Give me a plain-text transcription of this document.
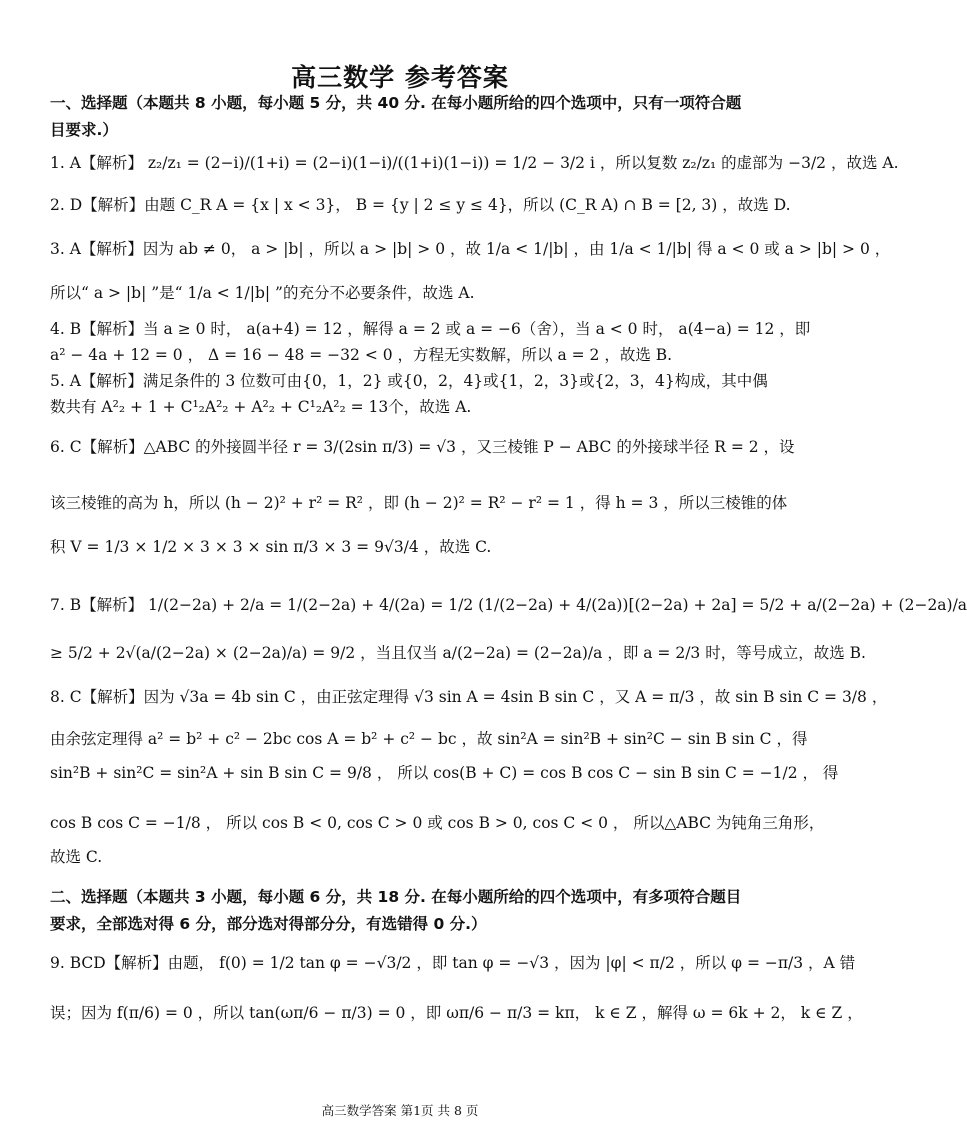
高三数学 参考答案
一、选择题（本题共 8 小题，每小题 5 分，共 40 分. 在每小题所给的四个选项中，只有一项符合题
目要求.）
1. A【解析】 z₂/z₁ = (2−i)/(1+i) = (2−i)(1−i)/((1+i)(1−i)) = 1/2 − 3/2 i ，所以复数 z₂/z₁ 的虚部为 −3/2 ，故选 A.
2. D【解析】由题 C_R A = {x | x < 3}， B = {y | 2 ≤ y ≤ 4}，所以 (C_R A) ∩ B = [2, 3) ，故选 D.
3. A【解析】因为 ab ≠ 0， a > |b| ，所以 a > |b| > 0 ，故 1/a < 1/|b| ，由 1/a < 1/|b| 得 a < 0 或 a > |b| > 0 ，
所以“ a > |b| ”是“ 1/a < 1/|b| ”的充分不必要条件，故选 A.
4. B【解析】当 a ≥ 0 时， a(a+4) = 12 ，解得 a = 2 或 a = −6（舍），当 a < 0 时， a(4−a) = 12 ，即
a² − 4a + 12 = 0 ， Δ = 16 − 48 = −32 < 0 ，方程无实数解，所以 a = 2 ，故选 B.
5. A【解析】满足条件的 3 位数可由{0，1，2} 或{0，2，4}或{1，2，3}或{2，3，4}构成，其中偶
数共有 A²₂ + 1 + C¹₂A²₂ + A²₂ + C¹₂A²₂ = 13个，故选 A.
6. C【解析】△ABC 的外接圆半径 r = 3/(2sin π/3) = √3 ，又三棱锥 P − ABC 的外接球半径 R = 2 ，设
该三棱锥的高为 h，所以 (h − 2)² + r² = R² ，即 (h − 2)² = R² − r² = 1 ，得 h = 3 ，所以三棱锥的体
积 V = 1/3 × 1/2 × 3 × 3 × sin π/3 × 3 = 9√3/4 ，故选 C.
7. B【解析】 1/(2−2a) + 2/a = 1/(2−2a) + 4/(2a) = 1/2 (1/(2−2a) + 4/(2a))[(2−2a) + 2a] = 5/2 + a/(2−2a) + (2−2a)/a
≥ 5/2 + 2√(a/(2−2a) × (2−2a)/a) = 9/2 ，当且仅当 a/(2−2a) = (2−2a)/a ，即 a = 2/3 时，等号成立，故选 B.
8. C【解析】因为 √3a = 4b sin C ，由正弦定理得 √3 sin A = 4sin B sin C ，又 A = π/3 ，故 sin B sin C = 3/8 ，
由余弦定理得 a² = b² + c² − 2bc cos A = b² + c² − bc ，故 sin²A = sin²B + sin²C − sin B sin C ，得
sin²B + sin²C = sin²A + sin B sin C = 9/8 ， 所以 cos(B + C) = cos B cos C − sin B sin C = −1/2 ， 得
cos B cos C = −1/8 ， 所以 cos B < 0, cos C > 0 或 cos B > 0, cos C < 0 ， 所以△ABC 为钝角三角形，
故选 C.
二、选择题（本题共 3 小题，每小题 6 分，共 18 分. 在每小题所给的四个选项中，有多项符合题目
要求，全部选对得 6 分，部分选对得部分分，有选错得 0 分.）
9. BCD【解析】由题， f(0) = 1/2 tan φ = −√3/2 ，即 tan φ = −√3 ，因为 |φ| < π/2 ，所以 φ = −π/3 ，A 错
误；因为 f(π/6) = 0 ，所以 tan(ωπ/6 − π/3) = 0 ，即 ωπ/6 − π/3 = kπ， k ∈ Z ，解得 ω = 6k + 2， k ∈ Z ，
高三数学答案 第1页 共 8 页
